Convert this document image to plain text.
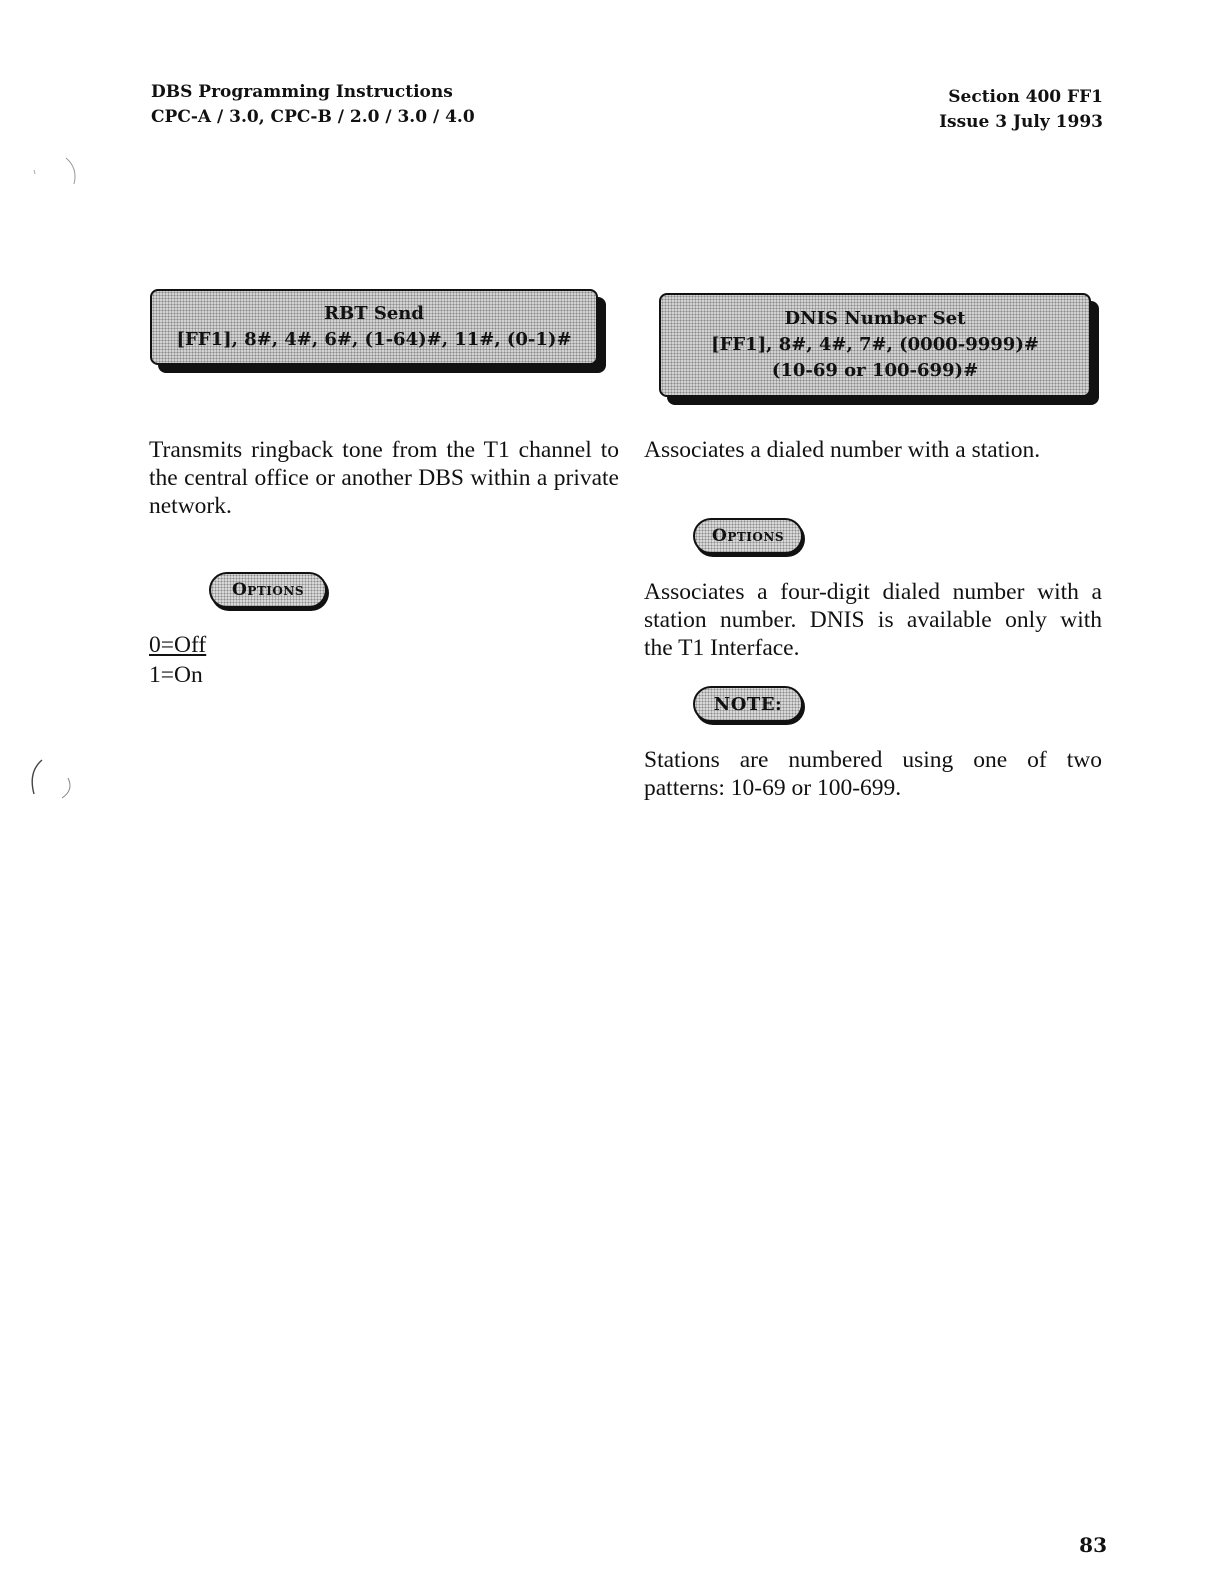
DBS Programming Instructions
CPC-A / 3.0, CPC-B / 2.0 / 3.0 / 4.0
Section 400 FF1
Issue 3 July 1993
RBT Send
[FF1], 8#, 4#, 6#, (1-64)#, 11#, (0-1)#
Transmits ringback tone from the T1 channel to the central office or another DBS within a private network.
Options
0=Off
1=On
DNIS Number Set
[FF1], 8#, 4#, 7#, (0000-9999)#
(10-69 or 100-699)#
Associates a dialed number with a station.
Options
Associates a four-digit dialed number with a
station number. DNIS is available only with
the T1 Interface.
NOTE:
Stations are numbered using one of two
patterns: 10-69 or 100-699.
83
